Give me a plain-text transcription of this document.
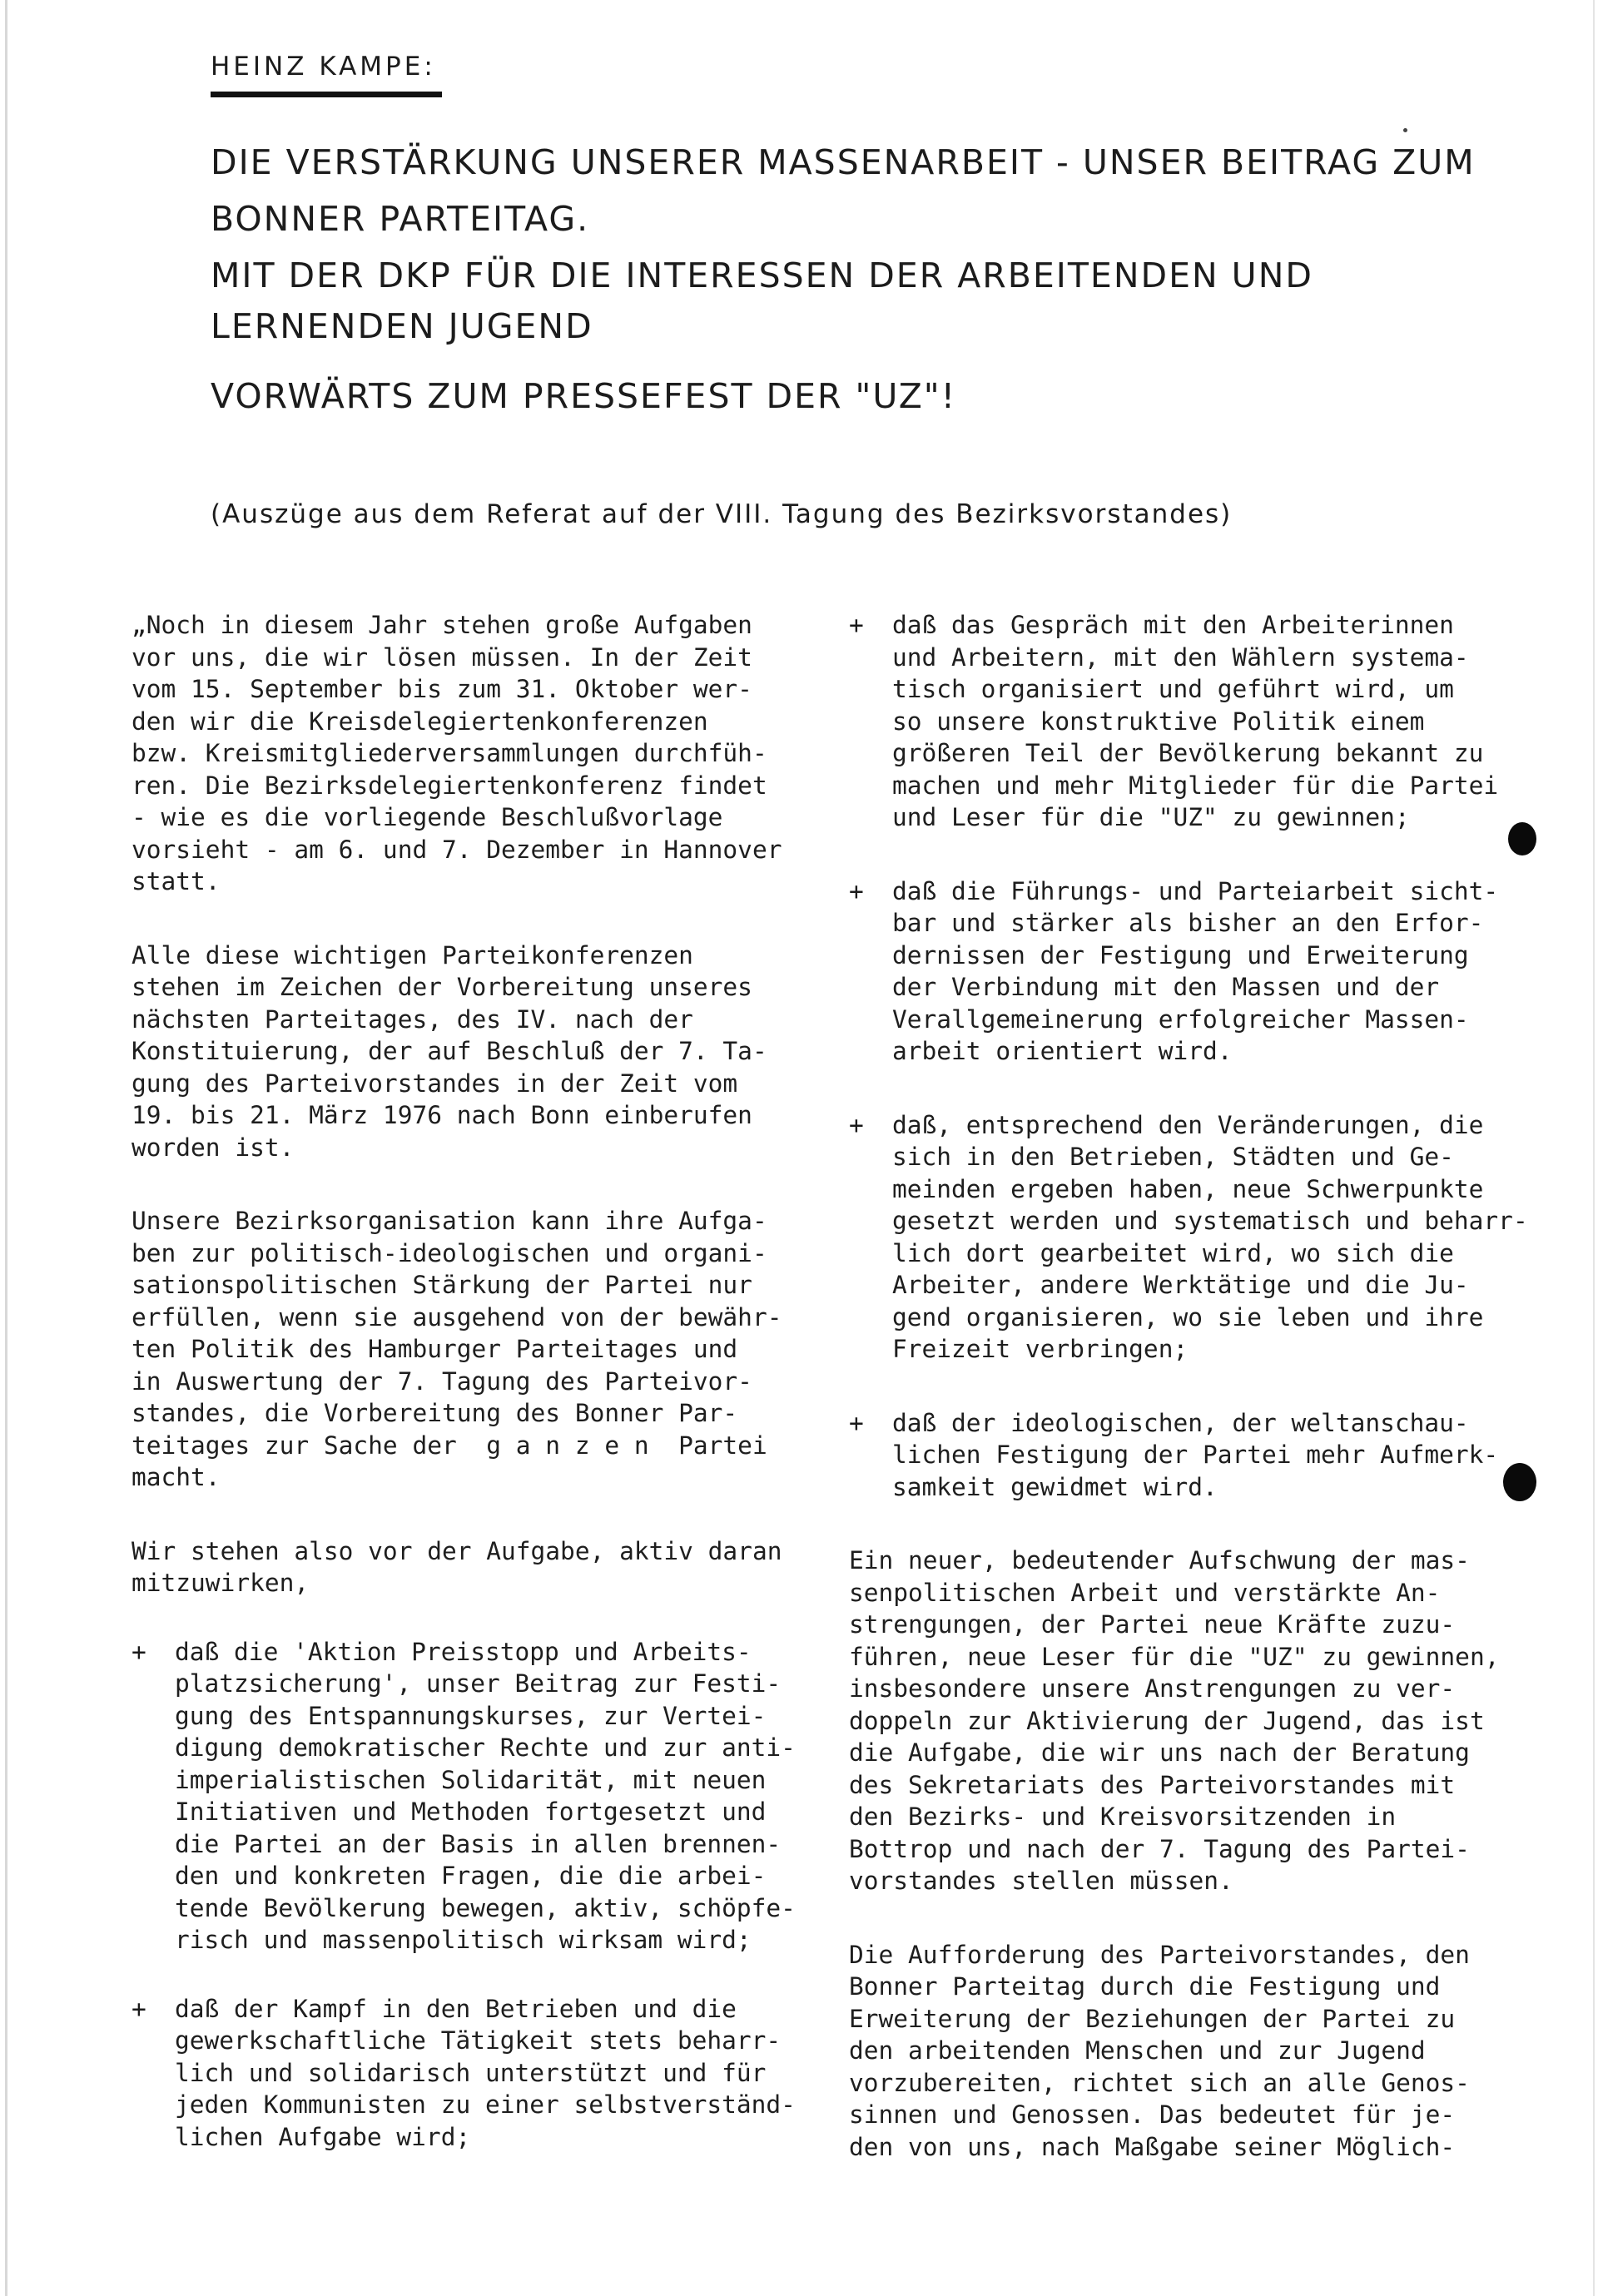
HEINZ KAMPE:
DIE VERSTÄRKUNG UNSERER MASSENARBEIT - UNSER BEITRAG ZUM
BONNER PARTEITAG.
MIT DER DKP FÜR DIE INTERESSEN DER ARBEITENDEN UND
LERNENDEN JUGEND
VORWÄRTS ZUM PRESSEFEST DER "UZ"!
(Auszüge aus dem Referat auf der VIII. Tagung des Bezirksvorstandes)

„Noch in diesem Jahr stehen große Aufgaben
vor uns, die wir lösen müssen. In der Zeit
vom 15. September bis zum 31. Oktober wer-
den wir die Kreisdelegiertenkonferenzen
bzw. Kreismitgliederversammlungen durchfüh-
ren. Die Bezirksdelegiertenkonferenz findet
- wie es die vorliegende Beschlußvorlage
vorsieht - am 6. und 7. Dezember in Hannover
statt.

Alle diese wichtigen Parteikonferenzen
stehen im Zeichen der Vorbereitung unseres
nächsten Parteitages, des IV. nach der
Konstituierung, der auf Beschluß der 7. Ta-
gung des Parteivorstandes in der Zeit vom
19. bis 21. März 1976 nach Bonn einberufen
worden ist.

Unsere Bezirksorganisation kann ihre Aufga-
ben zur politisch-ideologischen und organi-
sationspolitischen Stärkung der Partei nur
erfüllen, wenn sie ausgehend von der bewähr-
ten Politik des Hamburger Parteitages und
in Auswertung der 7. Tagung des Parteivor-
standes, die Vorbereitung des Bonner Par-
teitages zur Sache der  g a n z e n  Partei
macht.

Wir stehen also vor der Aufgabe, aktiv daran
mitzuwirken,

+ daß die 'Aktion Preisstopp und Arbeits-
platzsicherung', unser Beitrag zur Festi-
gung des Entspannungskurses, zur Vertei-
digung demokratischer Rechte und zur anti-
imperialistischen Solidarität, mit neuen
Initiativen und Methoden fortgesetzt und
die Partei an der Basis in allen brennen-
den und konkreten Fragen, die die arbei-
tende Bevölkerung bewegen, aktiv, schöpfe-
risch und massenpolitisch wirksam wird;

+ daß der Kampf in den Betrieben und die
gewerkschaftliche Tätigkeit stets beharr-
lich und solidarisch unterstützt und für
jeden Kommunisten zu einer selbstverständ-
lichen Aufgabe wird;

+ daß das Gespräch mit den Arbeiterinnen
und Arbeitern, mit den Wählern systema-
tisch organisiert und geführt wird, um
so unsere konstruktive Politik einem
größeren Teil der Bevölkerung bekannt zu
machen und mehr Mitglieder für die Partei
und Leser für die "UZ" zu gewinnen;

+ daß die Führungs- und Parteiarbeit sicht-
bar und stärker als bisher an den Erfor-
dernissen der Festigung und Erweiterung
der Verbindung mit den Massen und der
Verallgemeinerung erfolgreicher Massen-
arbeit orientiert wird.

+ daß, entsprechend den Veränderungen, die
sich in den Betrieben, Städten und Ge-
meinden ergeben haben, neue Schwerpunkte
gesetzt werden und systematisch und beharr-
lich dort gearbeitet wird, wo sich die
Arbeiter, andere Werktätige und die Ju-
gend organisieren, wo sie leben und ihre
Freizeit verbringen;

+ daß der ideologischen, der weltanschau-
lichen Festigung der Partei mehr Aufmerk-
samkeit gewidmet wird.

Ein neuer, bedeutender Aufschwung der mas-
senpolitischen Arbeit und verstärkte An-
strengungen, der Partei neue Kräfte zuzu-
führen, neue Leser für die "UZ" zu gewinnen,
insbesondere unsere Anstrengungen zu ver-
doppeln zur Aktivierung der Jugend, das ist
die Aufgabe, die wir uns nach der Beratung
des Sekretariats des Parteivorstandes mit
den Bezirks- und Kreisvorsitzenden in
Bottrop und nach der 7. Tagung des Partei-
vorstandes stellen müssen.

Die Aufforderung des Parteivorstandes, den
Bonner Parteitag durch die Festigung und
Erweiterung der Beziehungen der Partei zu
den arbeitenden Menschen und zur Jugend
vorzubereiten, richtet sich an alle Genos-
sinnen und Genossen. Das bedeutet für je-
den von uns, nach Maßgabe seiner Möglich-
